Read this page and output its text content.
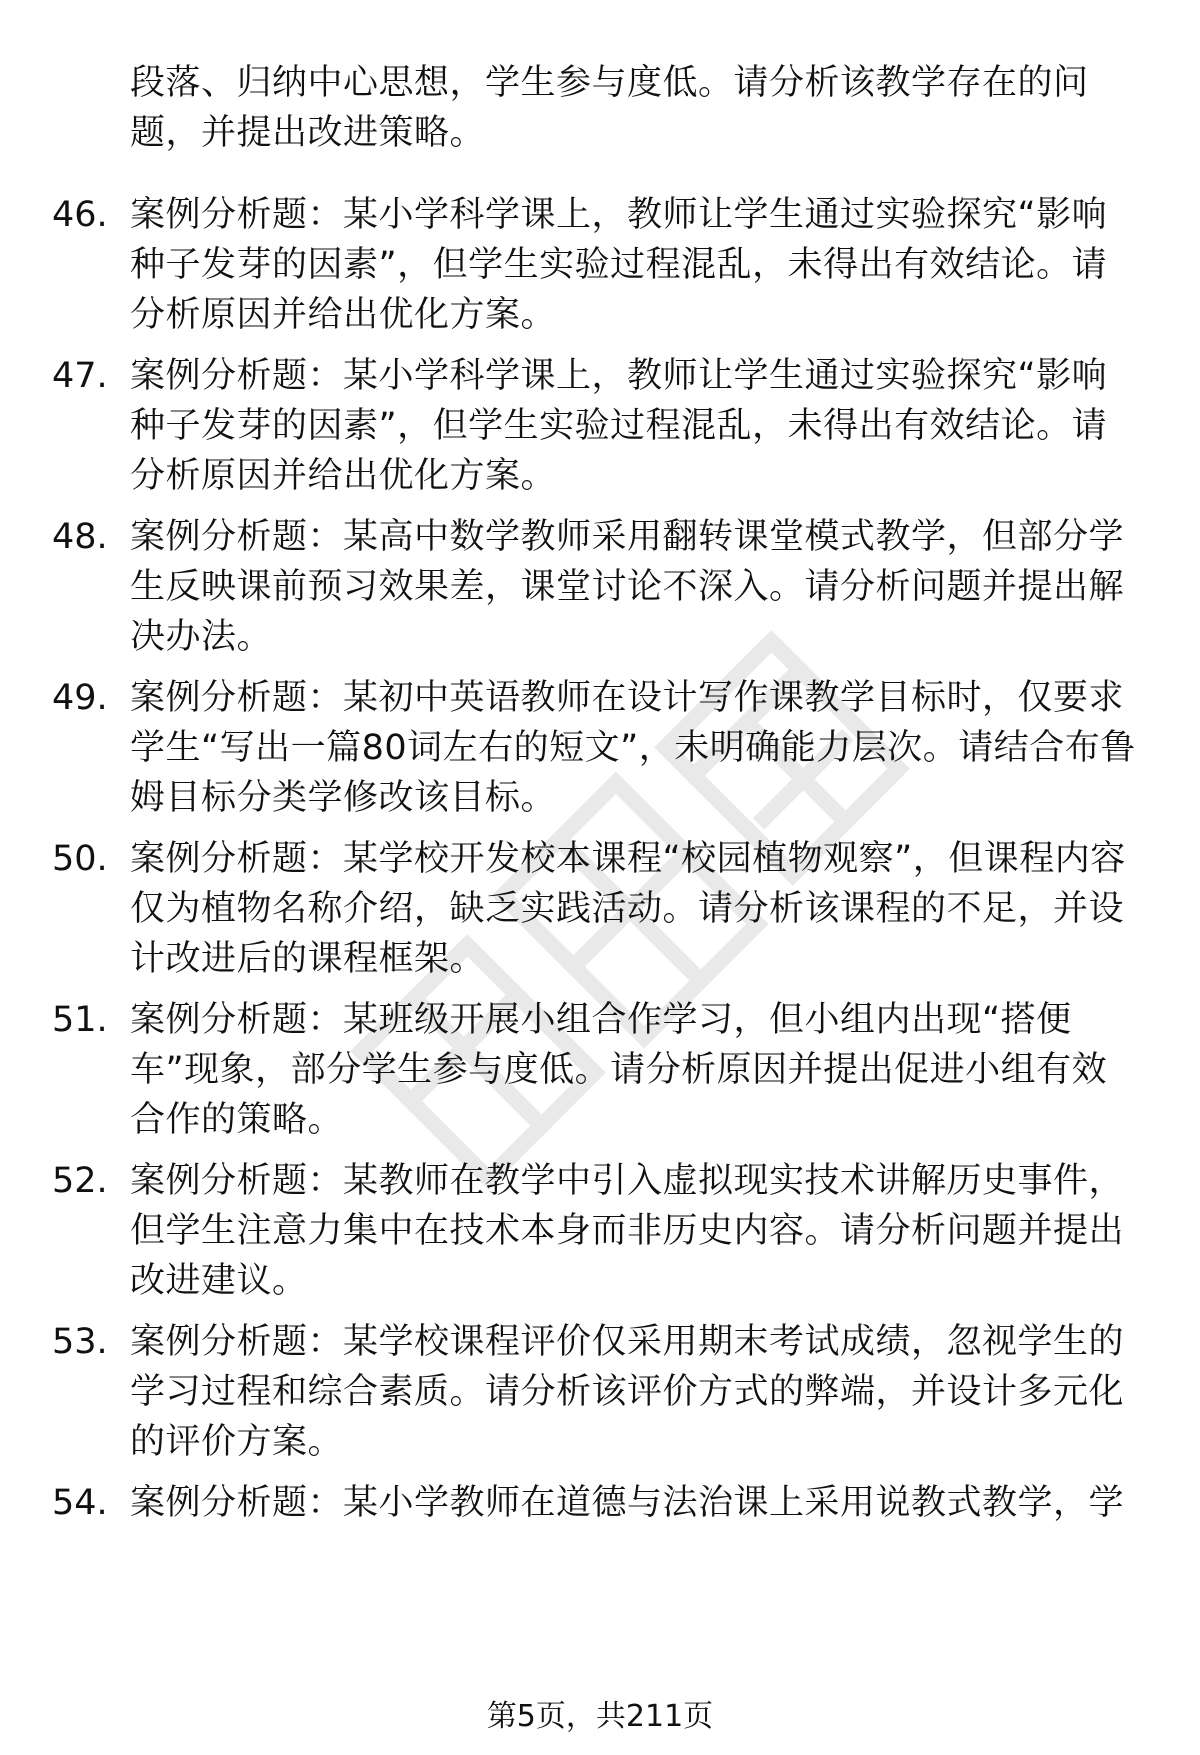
段落、归纳中心思想，学生参与度低。请分析该教学存在的问题，并提出改进策略。
46. 案例分析题：某小学科学课上，教师让学生通过实验探究“影响种子发芽的因素”，但学生实验过程混乱，未得出有效结论。请分析原因并给出优化方案。
47. 案例分析题：某小学科学课上，教师让学生通过实验探究“影响种子发芽的因素”，但学生实验过程混乱，未得出有效结论。请分析原因并给出优化方案。
48. 案例分析题：某高中数学教师采用翻转课堂模式教学，但部分学生反映课前预习效果差，课堂讨论不深入。请分析问题并提出解决办法。
49. 案例分析题：某初中英语教师在设计写作课教学目标时，仅要求学生“写出一篇80词左右的短文”，未明确能力层次。请结合布鲁姆目标分类学修改该目标。
50. 案例分析题：某学校开发校本课程“校园植物观察”，但课程内容仅为植物名称介绍，缺乏实践活动。请分析该课程的不足，并设计改进后的课程框架。
51. 案例分析题：某班级开展小组合作学习，但小组内出现“搭便车”现象，部分学生参与度低。请分析原因并提出促进小组有效合作的策略。
52. 案例分析题：某教师在教学中引入虚拟现实技术讲解历史事件，但学生注意力集中在技术本身而非历史内容。请分析问题并提出改进建议。
53. 案例分析题：某学校课程评价仅采用期末考试成绩，忽视学生的学习过程和综合素质。请分析该评价方式的弊端，并设计多元化的评价方案。
54. 案例分析题：某小学教师在道德与法治课上采用说教式教学，学
第5页，共211页
